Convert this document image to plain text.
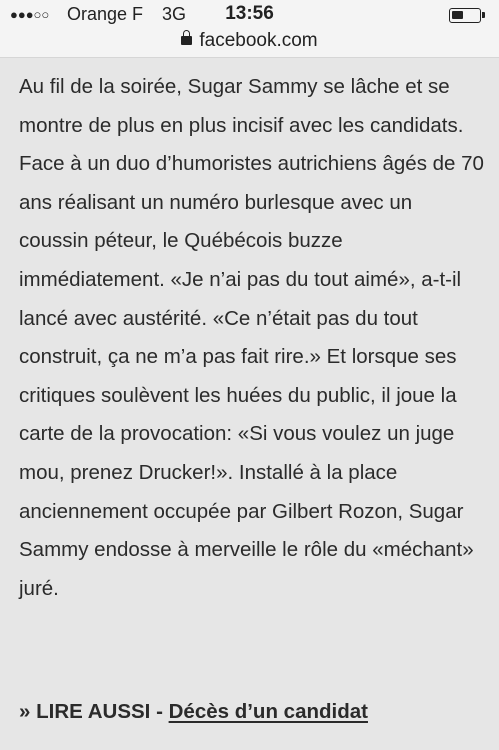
●●●○○ Orange F 3G	13:56
facebook.com

Au fil de la soirée, Sugar Sammy se lâche et se montre de plus en plus incisif avec les candidats. Face à un duo d’humoristes autrichiens âgés de 70 ans réalisant un numéro burlesque avec un coussin péteur, le Québécois buzze immédiatement. «Je n’ai pas du tout aimé», a-t-il lancé avec austérité. «Ce n’était pas du tout construit, ça ne m’a pas fait rire.» Et lorsque ses critiques soulèvent les huées du public, il joue la carte de la provocation: «Si vous voulez un juge mou, prenez Drucker!». Installé à la place anciennement occupée par Gilbert Rozon, Sugar Sammy endosse à merveille le rôle du «méchant» juré.

» LIRE AUSSI - Décès d’un candidat
